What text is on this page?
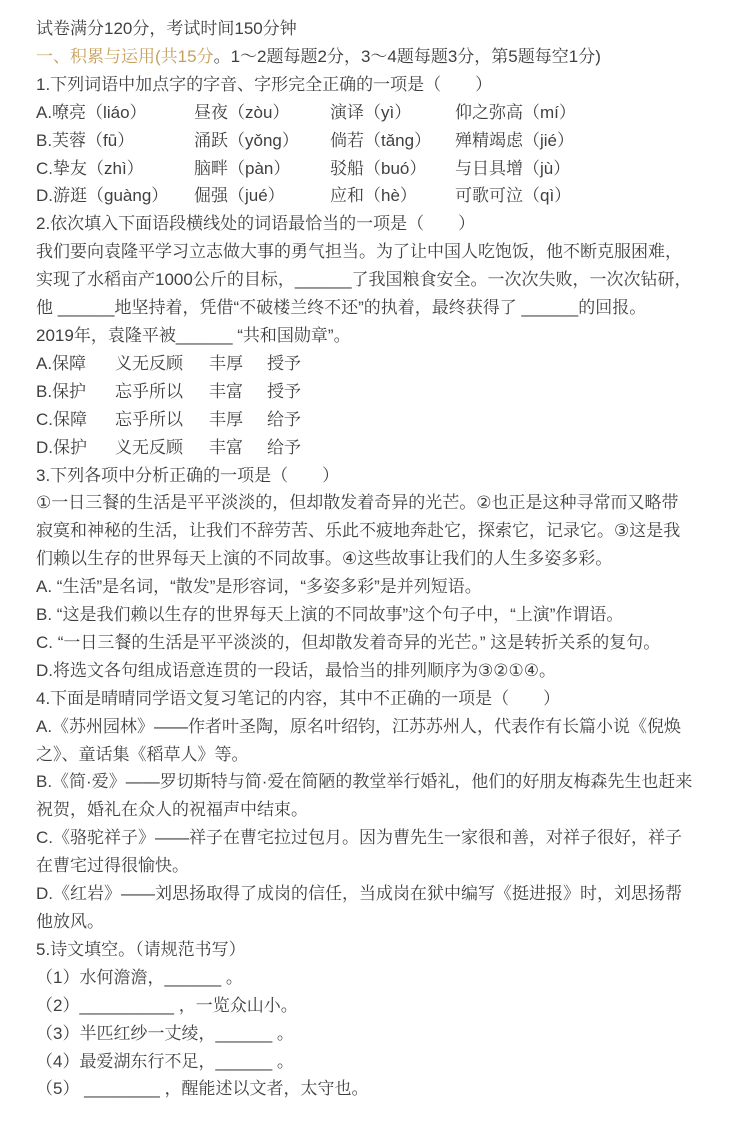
试卷满分120分，考试时间150分钟
一、积累与运用(共15分。1～2题每题2分，3～4题每题3分，第5题每空1分)
1.下列词语中加点字的字音、字形完全正确的一项是（　　）
A.嘹亮（liáo）	昼夜（zòu）	演译（yì）	仰之弥高（mí）
B.芙蓉（fū）	涌跃（yǒng）	倘若（tǎng）	殚精竭虑（jié）
C.挚友（zhì）	脑畔（pàn）	驳船（buó）	与日具增（jù）
D.游逛（guàng）	倔强（jué）	应和（hè）	可歌可泣（qì）
2.依次填入下面语段横线处的词语最恰当的一项是（　　）
我们要向袁隆平学习立志做大事的勇气担当。为了让中国人吃饱饭，他不断克服困难，
实现了水稻亩产1000公斤的目标，______了我国粮食安全。一次次失败，一次次钻研，
他 ______地坚持着，凭借“不破楼兰终不还”的执着，最终获得了 ______的回报。
2019年，袁隆平被______ “共和国勋章”。
A.保障	义无反顾	丰厚	授予
B.保护	忘乎所以	丰富	授予
C.保障	忘乎所以	丰厚	给予
D.保护	义无反顾	丰富	给予
3.下列各项中分析正确的一项是（　　）
①一日三餐的生活是平平淡淡的，但却散发着奇异的光芒。②也正是这种寻常而又略带
寂寞和神秘的生活，让我们不辞劳苦、乐此不疲地奔赴它，探索它，记录它。③这是我
们赖以生存的世界每天上演的不同故事。④这些故事让我们的人生多姿多彩。
A. “生活”是名词，“散发”是形容词，“多姿多彩”是并列短语。
B. “这是我们赖以生存的世界每天上演的不同故事”这个句子中，“上演”作谓语。
C. “一日三餐的生活是平平淡淡的，但却散发着奇异的光芒。” 这是转折关系的复句。
D.将选文各句组成语意连贯的一段话，最恰当的排列顺序为③②①④。
4.下面是晴晴同学语文复习笔记的内容，其中不正确的一项是（　　）
A.《苏州园林》——作者叶圣陶，原名叶绍钧，江苏苏州人，代表作有长篇小说《倪焕
之》、童话集《稻草人》等。
B.《简·爱》——罗切斯特与简·爱在简陋的教堂举行婚礼，他们的好朋友梅森先生也赶来
祝贺，婚礼在众人的祝福声中结束。
C.《骆驼祥子》——祥子在曹宅拉过包月。因为曹先生一家很和善，对祥子很好，祥子
在曹宅过得很愉快。
D.《红岩》——刘思扬取得了成岗的信任，当成岗在狱中编写《挺进报》时，刘思扬帮
他放风。
5.诗文填空。（请规范书写）
（1）水何澹澹，______ 。
（2）__________ ，一览众山小。
（3）半匹红纱一丈绫，______ 。
（4）最爱湖东行不足，______ 。
（5） ________ ，醒能述以文者，太守也。
